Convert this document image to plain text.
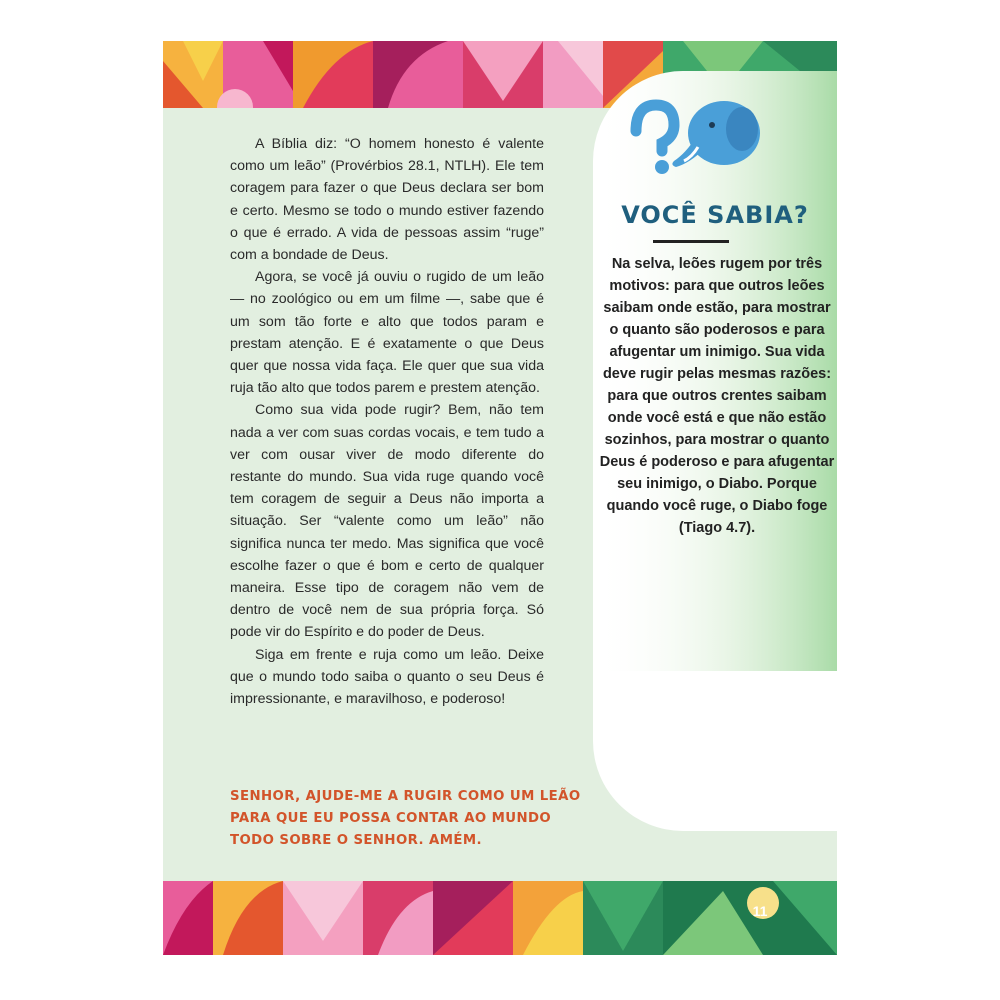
VOCÊ SABIA?
Na selva, leões rugem por três motivos: para que outros leões saibam onde estão, para mostrar o quanto são poderosos e para afugentar um inimigo. Sua vida deve rugir pelas mesmas razões: para que outros crentes saibam onde você está e que não estão sozinhos, para mostrar o quanto Deus é poderoso e para afugentar seu inimigo, o Diabo. Porque quando você ruge, o Diabo foge (Tiago 4.7).

A Bíblia diz: “O homem honesto é valente como um leão” (Provérbios 28.1, NTLH). Ele tem coragem para fazer o que Deus declara ser bom e certo. Mesmo se todo o mundo estiver fazendo o que é errado. A vida de pessoas assim “ruge” com a bondade de Deus.

Agora, se você já ouviu o rugido de um leão — no zoológico ou em um filme —, sabe que é um som tão forte e alto que todos param e prestam atenção. E é exatamente o que Deus quer que nossa vida faça. Ele quer que sua vida ruja tão alto que todos parem e prestem atenção.

Como sua vida pode rugir? Bem, não tem nada a ver com suas cordas vocais, e tem tudo a ver com ousar viver de modo diferente do restante do mundo. Sua vida ruge quando você tem coragem de seguir a Deus não importa a situação. Ser “valente como um leão” não significa nunca ter medo. Mas significa que você escolhe fazer o que é bom e certo de qualquer maneira. Esse tipo de coragem não vem de dentro de você nem de sua própria força. Só pode vir do Espírito e do poder de Deus.

Siga em frente e ruja como um leão. Deixe que o mundo todo saiba o quanto o seu Deus é impressionante, e maravilhoso, e poderoso!

SENHOR, AJUDE-ME A RUGIR COMO UM LEÃO
PARA QUE EU POSSA CONTAR AO MUNDO
TODO SOBRE O SENHOR. AMÉM.
11
